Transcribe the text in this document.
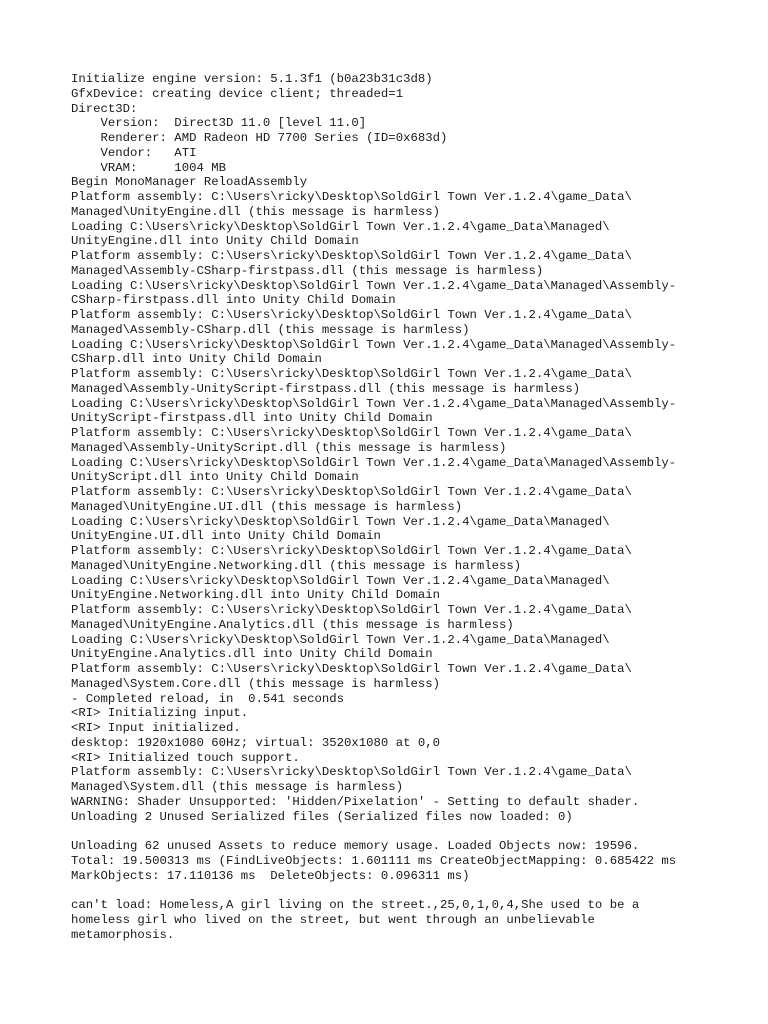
Initialize engine version: 5.1.3f1 (b0a23b31c3d8)
GfxDevice: creating device client; threaded=1
Direct3D:
Version:  Direct3D 11.0 [level 11.0]
Renderer: AMD Radeon HD 7700 Series (ID=0x683d)
Vendor:   ATI
VRAM:     1004 MB
Begin MonoManager ReloadAssembly
Platform assembly: C:\Users\ricky\Desktop\SoldGirl Town Ver.1.2.4\game_Data\
Managed\UnityEngine.dll (this message is harmless)
Loading C:\Users\ricky\Desktop\SoldGirl Town Ver.1.2.4\game_Data\Managed\
UnityEngine.dll into Unity Child Domain
Platform assembly: C:\Users\ricky\Desktop\SoldGirl Town Ver.1.2.4\game_Data\
Managed\Assembly-CSharp-firstpass.dll (this message is harmless)
Loading C:\Users\ricky\Desktop\SoldGirl Town Ver.1.2.4\game_Data\Managed\Assembly-
CSharp-firstpass.dll into Unity Child Domain
Platform assembly: C:\Users\ricky\Desktop\SoldGirl Town Ver.1.2.4\game_Data\
Managed\Assembly-CSharp.dll (this message is harmless)
Loading C:\Users\ricky\Desktop\SoldGirl Town Ver.1.2.4\game_Data\Managed\Assembly-
CSharp.dll into Unity Child Domain
Platform assembly: C:\Users\ricky\Desktop\SoldGirl Town Ver.1.2.4\game_Data\
Managed\Assembly-UnityScript-firstpass.dll (this message is harmless)
Loading C:\Users\ricky\Desktop\SoldGirl Town Ver.1.2.4\game_Data\Managed\Assembly-
UnityScript-firstpass.dll into Unity Child Domain
Platform assembly: C:\Users\ricky\Desktop\SoldGirl Town Ver.1.2.4\game_Data\
Managed\Assembly-UnityScript.dll (this message is harmless)
Loading C:\Users\ricky\Desktop\SoldGirl Town Ver.1.2.4\game_Data\Managed\Assembly-
UnityScript.dll into Unity Child Domain
Platform assembly: C:\Users\ricky\Desktop\SoldGirl Town Ver.1.2.4\game_Data\
Managed\UnityEngine.UI.dll (this message is harmless)
Loading C:\Users\ricky\Desktop\SoldGirl Town Ver.1.2.4\game_Data\Managed\
UnityEngine.UI.dll into Unity Child Domain
Platform assembly: C:\Users\ricky\Desktop\SoldGirl Town Ver.1.2.4\game_Data\
Managed\UnityEngine.Networking.dll (this message is harmless)
Loading C:\Users\ricky\Desktop\SoldGirl Town Ver.1.2.4\game_Data\Managed\
UnityEngine.Networking.dll into Unity Child Domain
Platform assembly: C:\Users\ricky\Desktop\SoldGirl Town Ver.1.2.4\game_Data\
Managed\UnityEngine.Analytics.dll (this message is harmless)
Loading C:\Users\ricky\Desktop\SoldGirl Town Ver.1.2.4\game_Data\Managed\
UnityEngine.Analytics.dll into Unity Child Domain
Platform assembly: C:\Users\ricky\Desktop\SoldGirl Town Ver.1.2.4\game_Data\
Managed\System.Core.dll (this message is harmless)
- Completed reload, in  0.541 seconds
<RI> Initializing input.
<RI> Input initialized.
desktop: 1920x1080 60Hz; virtual: 3520x1080 at 0,0
<RI> Initialized touch support.
Platform assembly: C:\Users\ricky\Desktop\SoldGirl Town Ver.1.2.4\game_Data\
Managed\System.dll (this message is harmless)
WARNING: Shader Unsupported: 'Hidden/Pixelation' - Setting to default shader.
Unloading 2 Unused Serialized files (Serialized files now loaded: 0)
Unloading 62 unused Assets to reduce memory usage. Loaded Objects now: 19596.
Total: 19.500313 ms (FindLiveObjects: 1.601111 ms CreateObjectMapping: 0.685422 ms
MarkObjects: 17.110136 ms  DeleteObjects: 0.096311 ms)
can't load: Homeless,A girl living on the street.,25,0,1,0,4,She used to be a
homeless girl who lived on the street, but went through an unbelievable
metamorphosis.
